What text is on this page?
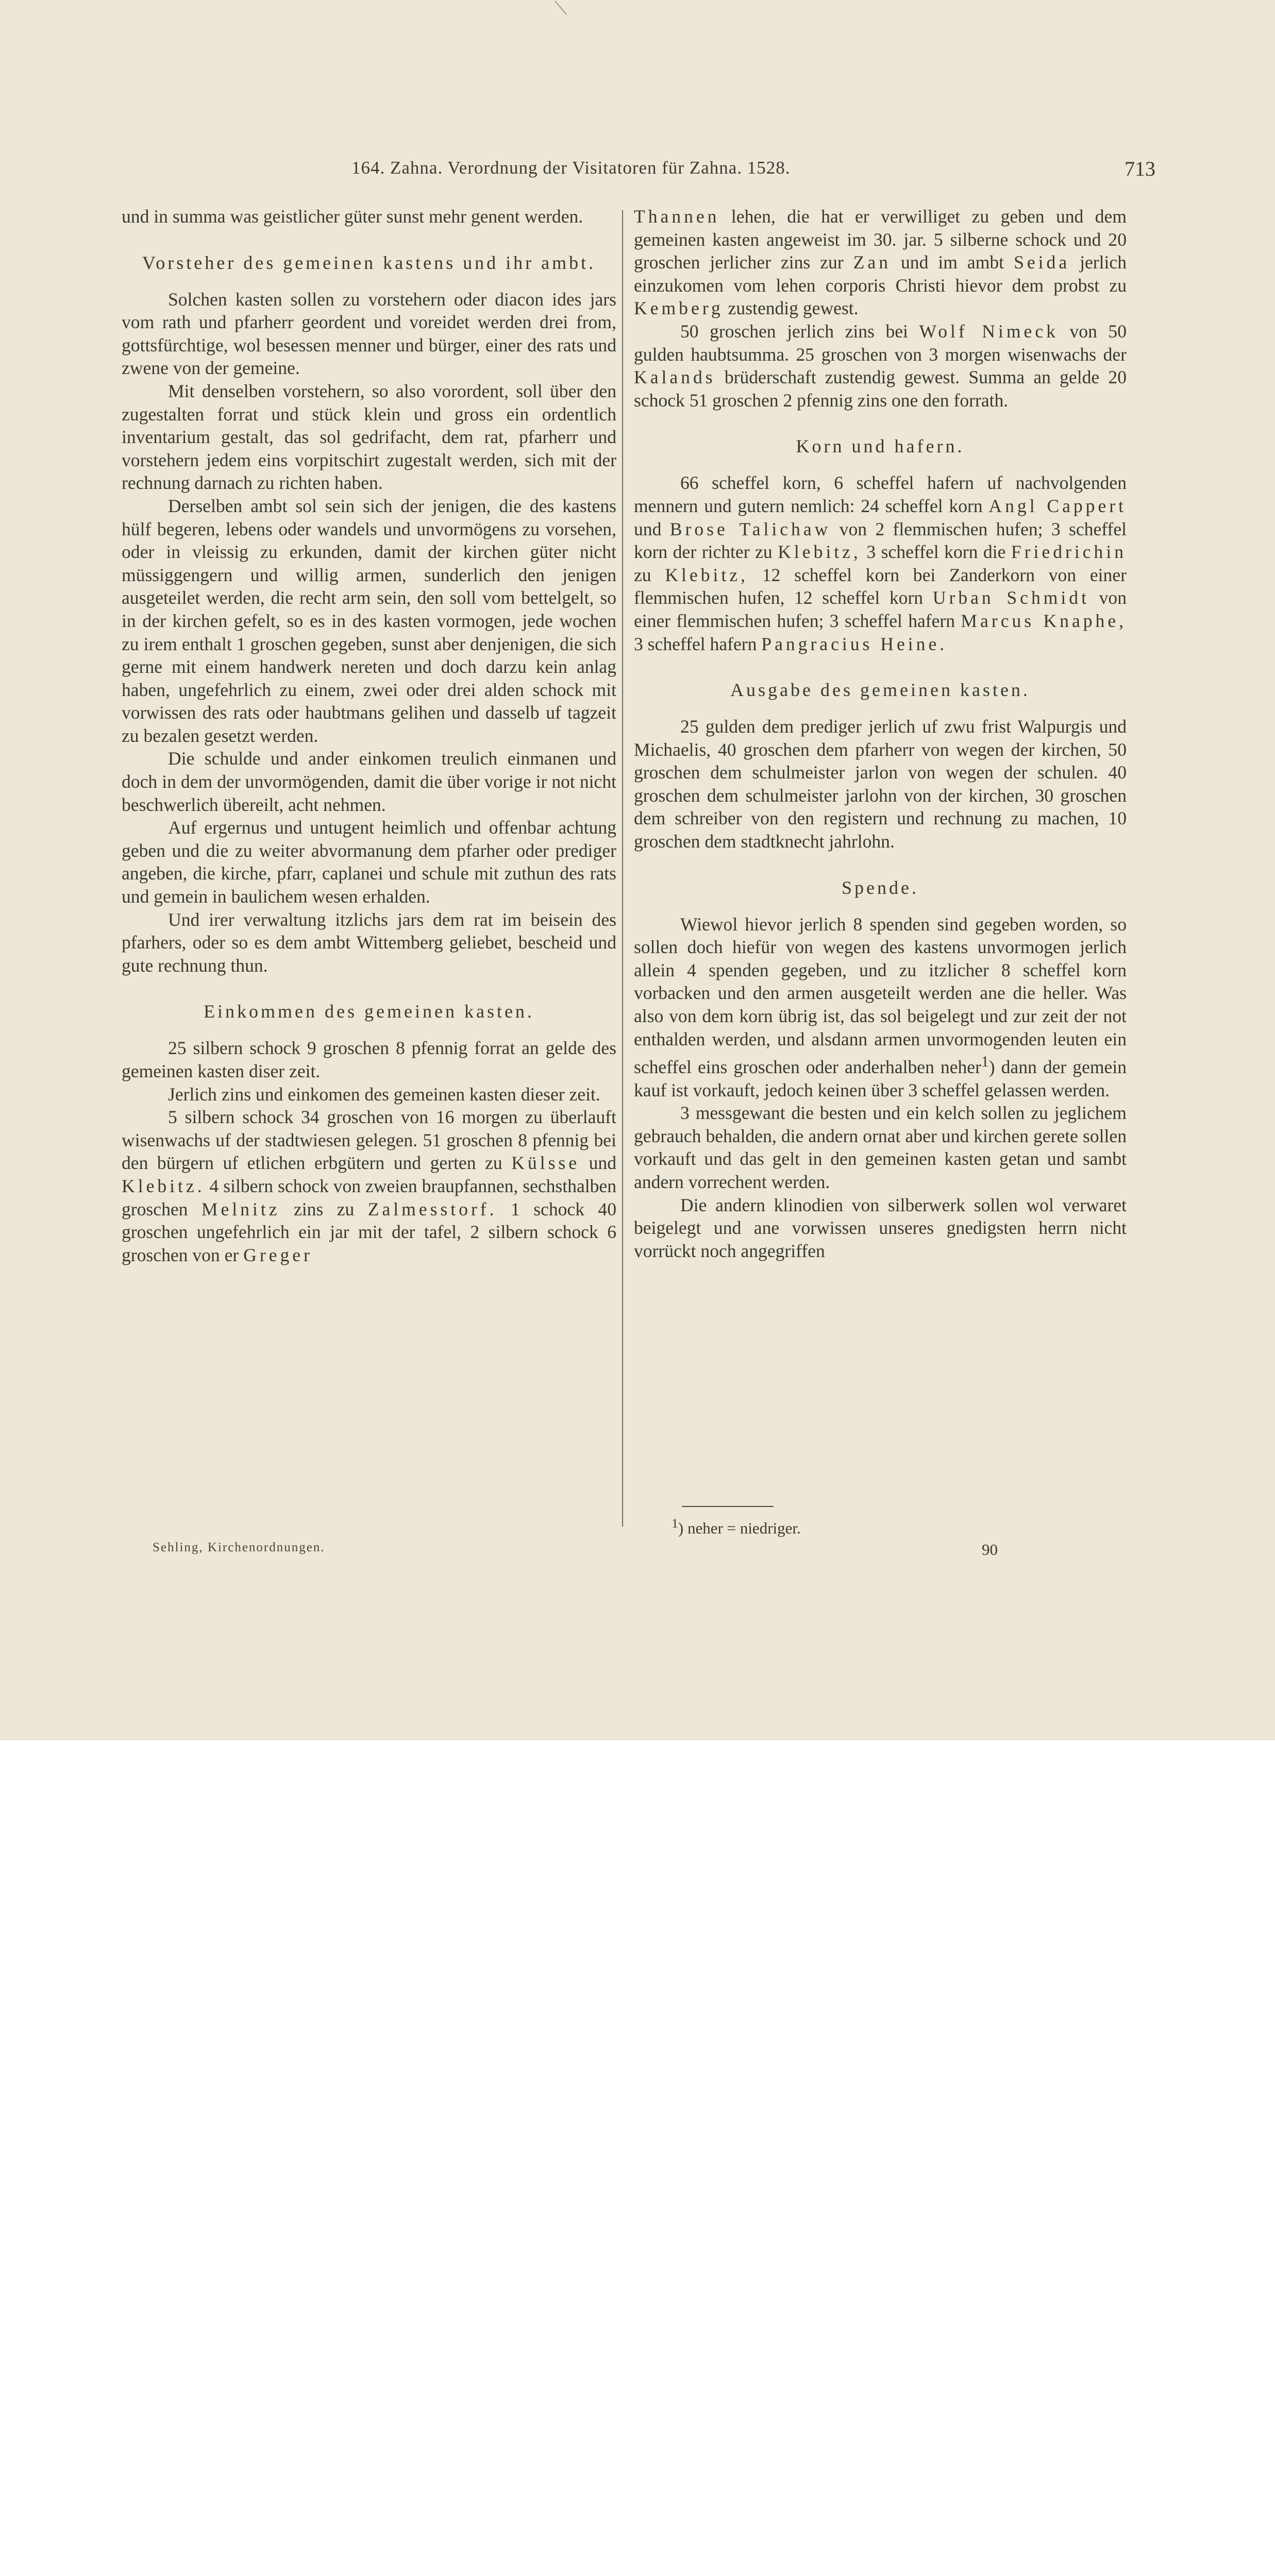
164. Zahna. Verordnung der Visitatoren für Zahna. 1528.	713

und in summa was geistlicher güter sunst mehr genent werden.

Vorsteher des gemeinen kastens und ihr ambt.

Solchen kasten sollen zu vorstehern oder diacon ides jars vom rath und pfarherr geordent und voreidet werden drei from, gottsfürchtige, wol besessen menner und bürger, einer des rats und zwene von der gemeine.

Mit denselben vorstehern, so also vorordent, soll über den zugestalten forrat und stück klein und gross ein ordentlich inventarium gestalt, das sol gedrifacht, dem rat, pfarherr und vorstehern jedem eins vorpitschirt zugestalt werden, sich mit der rechnung darnach zu richten haben.

Derselben ambt sol sein sich der jenigen, die des kastens hülf begeren, lebens oder wandels und unvormögens zu vorsehen, oder in vleissig zu erkunden, damit der kirchen güter nicht müssiggengern und willig armen, sunderlich den jenigen ausgeteilet werden, die recht arm sein, den soll vom bettelgelt, so in der kirchen gefelt, so es in des kasten vormogen, jede wochen zu irem enthalt 1 groschen gegeben, sunst aber denjenigen, die sich gerne mit einem handwerk nereten und doch darzu kein anlag haben, ungefehrlich zu einem, zwei oder drei alden schock mit vorwissen des rats oder haubtmans gelihen und dasselb uf tagzeit zu bezalen gesetzt werden.

Die schulde und ander einkomen treulich einmanen und doch in dem der unvormögenden, damit die über vorige ir not nicht beschwerlich übereilt, acht nehmen.

Auf ergernus und untugent heimlich und offenbar achtung geben und die zu weiter abvormanung dem pfarher oder prediger angeben, die kirche, pfarr, caplanei und schule mit zuthun des rats und gemein in baulichem wesen erhalden.

Und irer verwaltung itzlichs jars dem rat im beisein des pfarhers, oder so es dem ambt Wittemberg geliebet, bescheid und gute rechnung thun.

Einkommen des gemeinen kasten.

25 silbern schock 9 groschen 8 pfennig forrat an gelde des gemeinen kasten diser zeit.

Jerlich zins und einkomen des gemeinen kasten dieser zeit.

5 silbern schock 34 groschen von 16 morgen zu überlauft wisenwachs uf der stadtwiesen gelegen. 51 groschen 8 pfennig bei den bürgern uf etlichen erbgütern und gerten zu Külsse und Klebitz. 4 silbern schock von zweien braupfannen, sechsthalben groschen Melnitz zins zu Zalmesstorf. 1 schock 40 groschen ungefehrlich ein jar mit der tafel, 2 silbern schock 6 groschen von er Greger

Thannen lehen, die hat er verwilliget zu geben und dem gemeinen kasten angeweist im 30. jar. 5 silberne schock und 20 groschen jerlicher zins zur Zan und im ambt Seida jerlich einzukomen vom lehen corporis Christi hievor dem probst zu Kemberg zustendig gewest.

50 groschen jerlich zins bei Wolf Nimeck von 50 gulden haubtsumma. 25 groschen von 3 morgen wisenwachs der Kalands brüderschaft zustendig gewest. Summa an gelde 20 schock 51 groschen 2 pfennig zins one den forrath.

Korn und hafern.

66 scheffel korn, 6 scheffel hafern uf nachvolgenden mennern und gutern nemlich: 24 scheffel korn Angl Cappert und Brose Talichaw von 2 flemmischen hufen; 3 scheffel korn der richter zu Klebitz, 3 scheffel korn die Friedrichin zu Klebitz, 12 scheffel korn bei Zanderkorn von einer flemmischen hufen, 12 scheffel korn Urban Schmidt von einer flemmischen hufen; 3 scheffel hafern Marcus Knaphe, 3 scheffel hafern Pangracius Heine.

Ausgabe des gemeinen kasten.

25 gulden dem prediger jerlich uf zwu frist Walpurgis und Michaelis, 40 groschen dem pfarherr von wegen der kirchen, 50 groschen dem schulmeister jarlon von wegen der schulen. 40 groschen dem schulmeister jarlohn von der kirchen, 30 groschen dem schreiber von den registern und rechnung zu machen, 10 groschen dem stadtknecht jahrlohn.

Spende.

Wiewol hievor jerlich 8 spenden sind gegeben worden, so sollen doch hiefür von wegen des kastens unvormogen jerlich allein 4 spenden gegeben, und zu itzlicher 8 scheffel korn vorbacken und den armen ausgeteilt werden ane die heller. Was also von dem korn übrig ist, das sol beigelegt und zur zeit der not enthalden werden, und alsdann armen unvormogenden leuten ein scheffel eins groschen oder anderhalben neher$^1$) dann der gemein kauf ist vorkauft, jedoch keinen über 3 scheffel gelassen werden.

3 messgewant die besten und ein kelch sollen zu jeglichem gebrauch behalden, die andern ornat aber und kirchen gerete sollen vorkauft und das gelt in den gemeinen kasten getan und sambt andern vorrechent werden.

Die andern klinodien von silberwerk sollen wol verwaret beigelegt und ane vorwissen unseres gnedigsten herrn nicht vorrückt noch angegriffen

Sehling, Kirchenordnungen.
$^1$) neher = niedriger.
90
